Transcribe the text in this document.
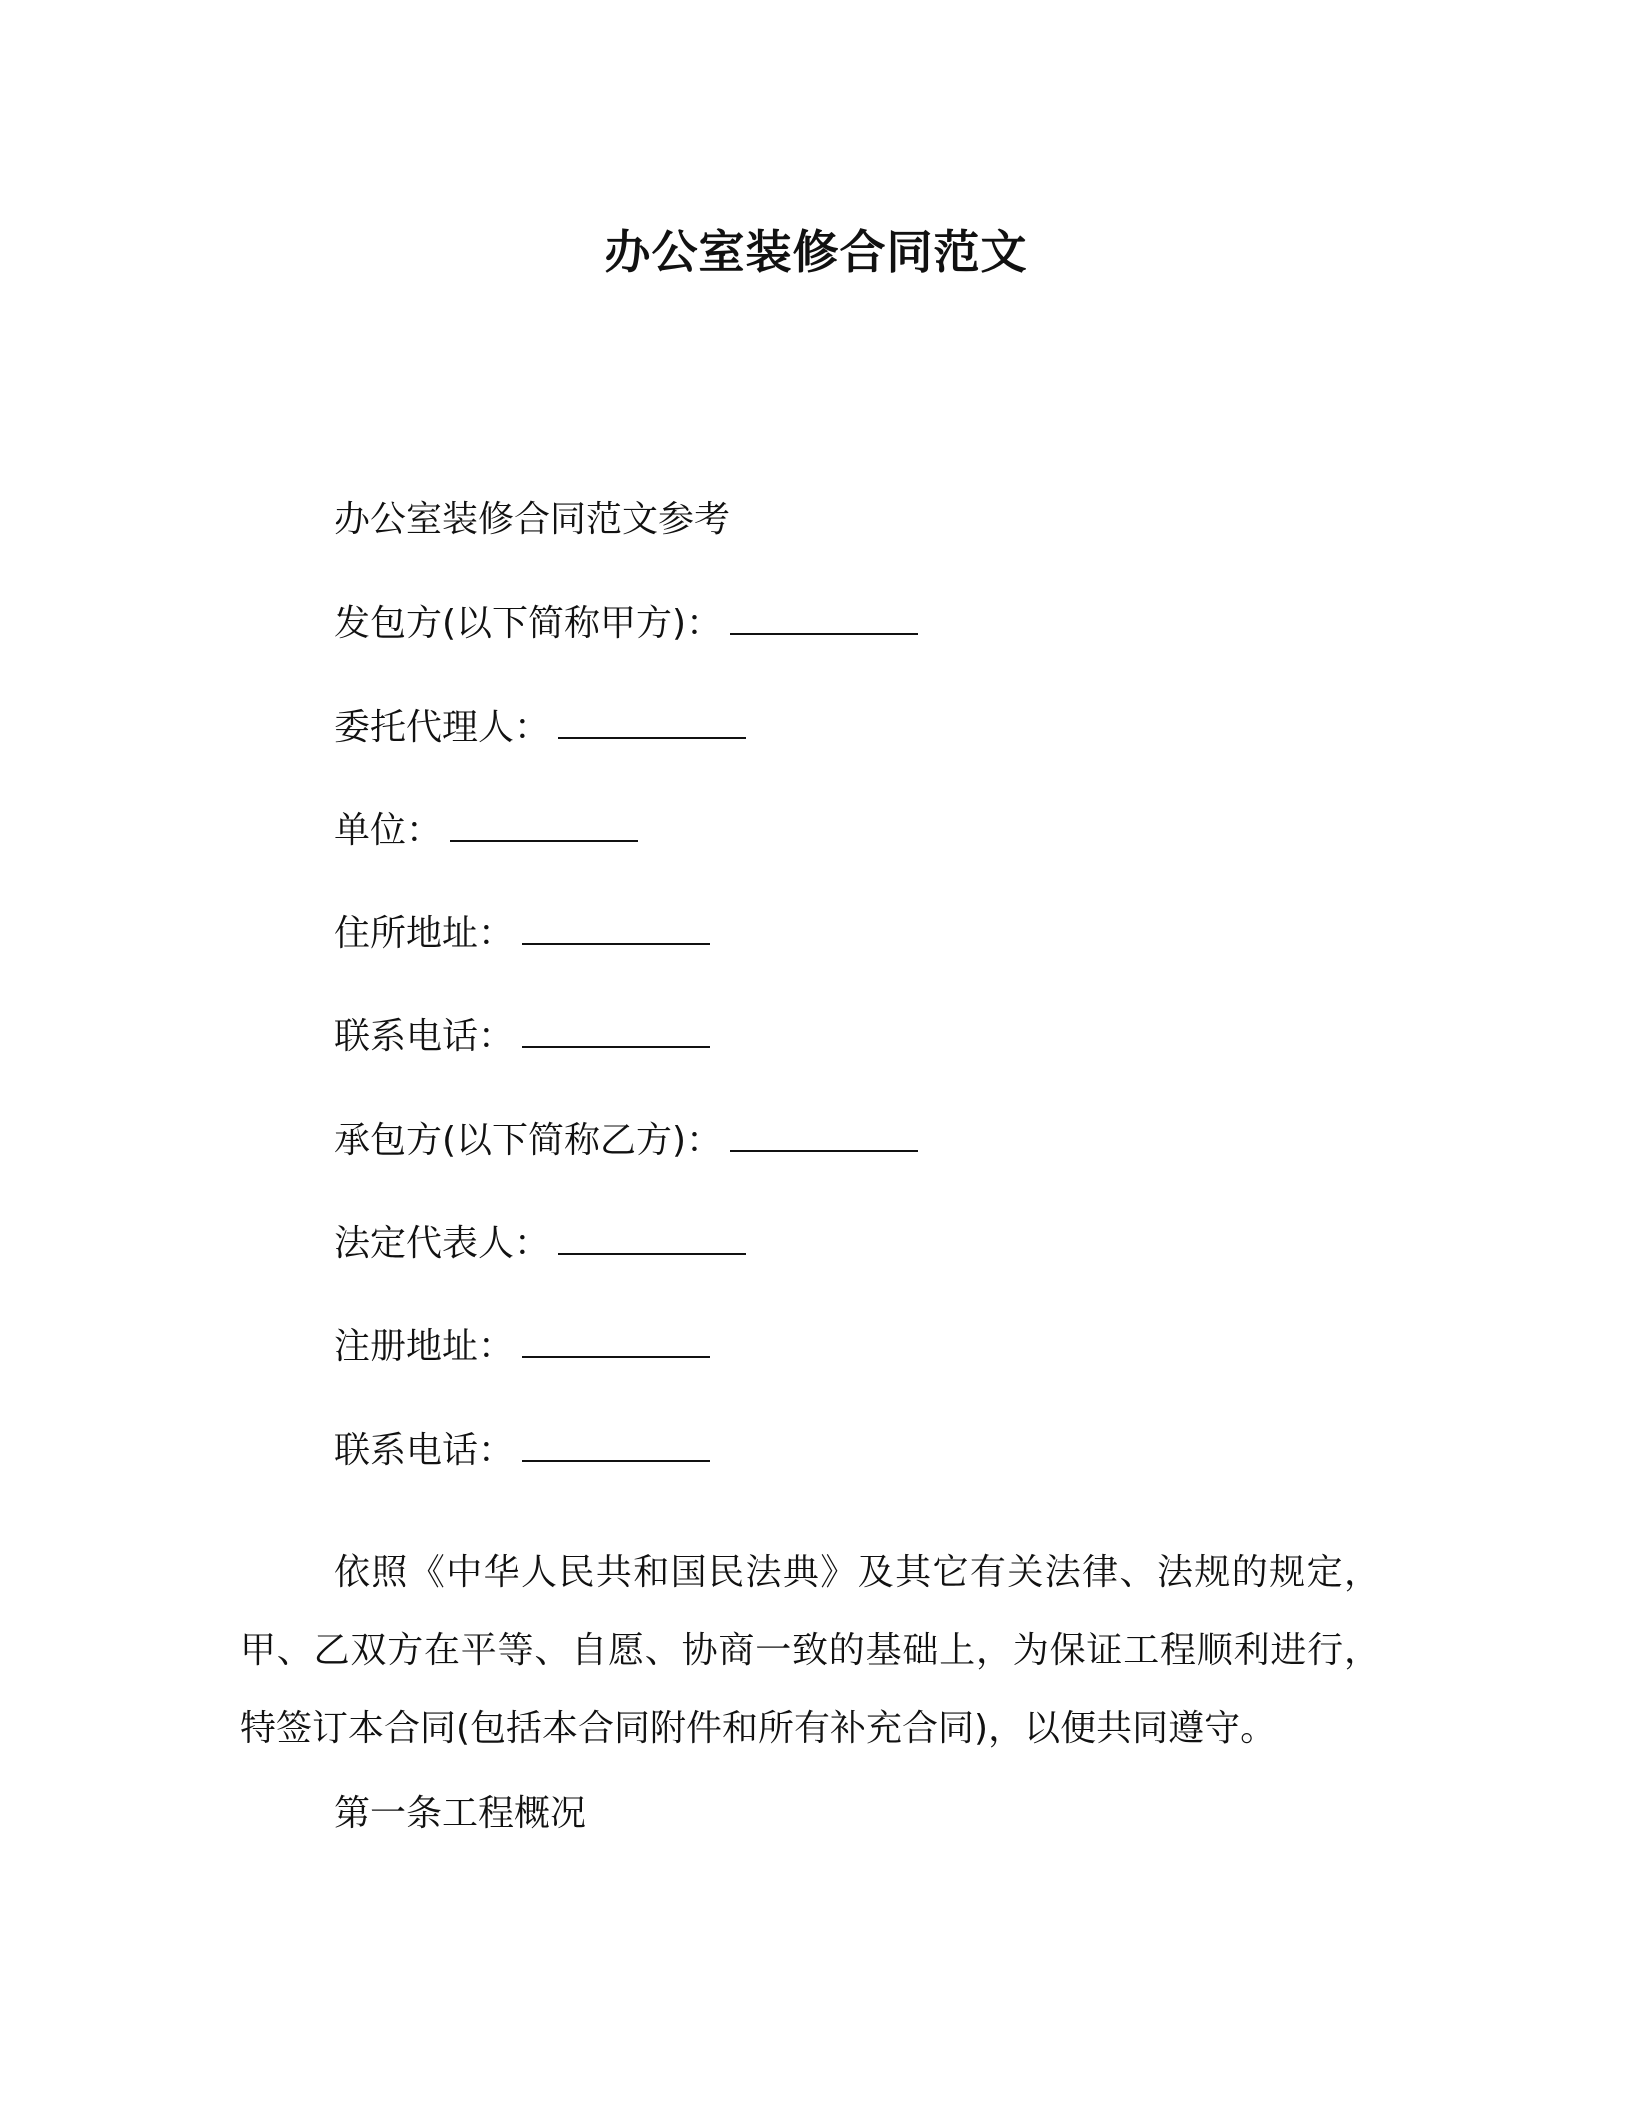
办公室装修合同范文
办公室装修合同范文参考
发包方(以下简称甲方)：
委托代理人：
单位：
住所地址：
联系电话：
承包方(以下简称乙方)：
法定代表人：
注册地址：
联系电话：
依照《中华人民共和国民法典》及其它有关法律、法规的规定，甲、乙双方在平等、自愿、协商一致的基础上，为保证工程顺利进行，特签订本合同(包括本合同附件和所有补充合同)，以便共同遵守。
第一条工程概况
